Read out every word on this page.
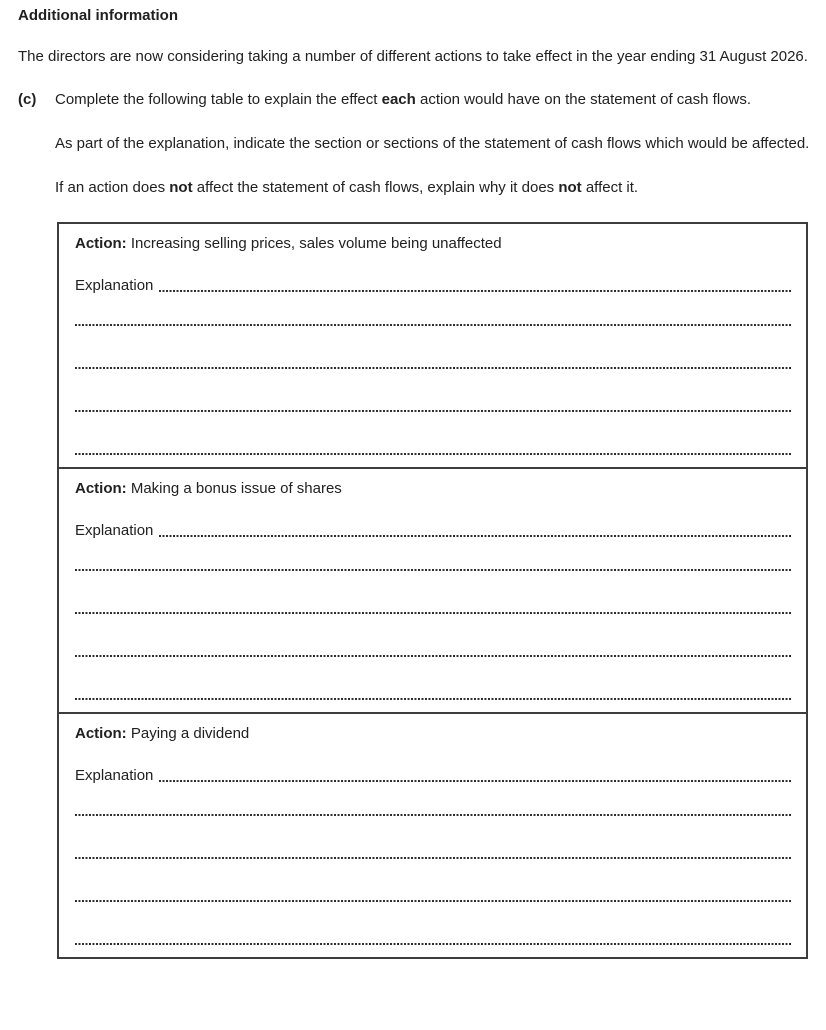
Additional information

The directors are now considering taking a number of different actions to take effect in the year ending 31 August 2026.

(c)	Complete the following table to explain the effect each action would have on the statement of cash flows.

As part of the explanation, indicate the section or sections of the statement of cash flows which would be affected.

If an action does not affect the statement of cash flows, explain why it does not affect it.

Action: Increasing selling prices, sales volume being unaffected

Explanation

Action: Making a bonus issue of shares

Explanation

Action: Paying a dividend

Explanation
